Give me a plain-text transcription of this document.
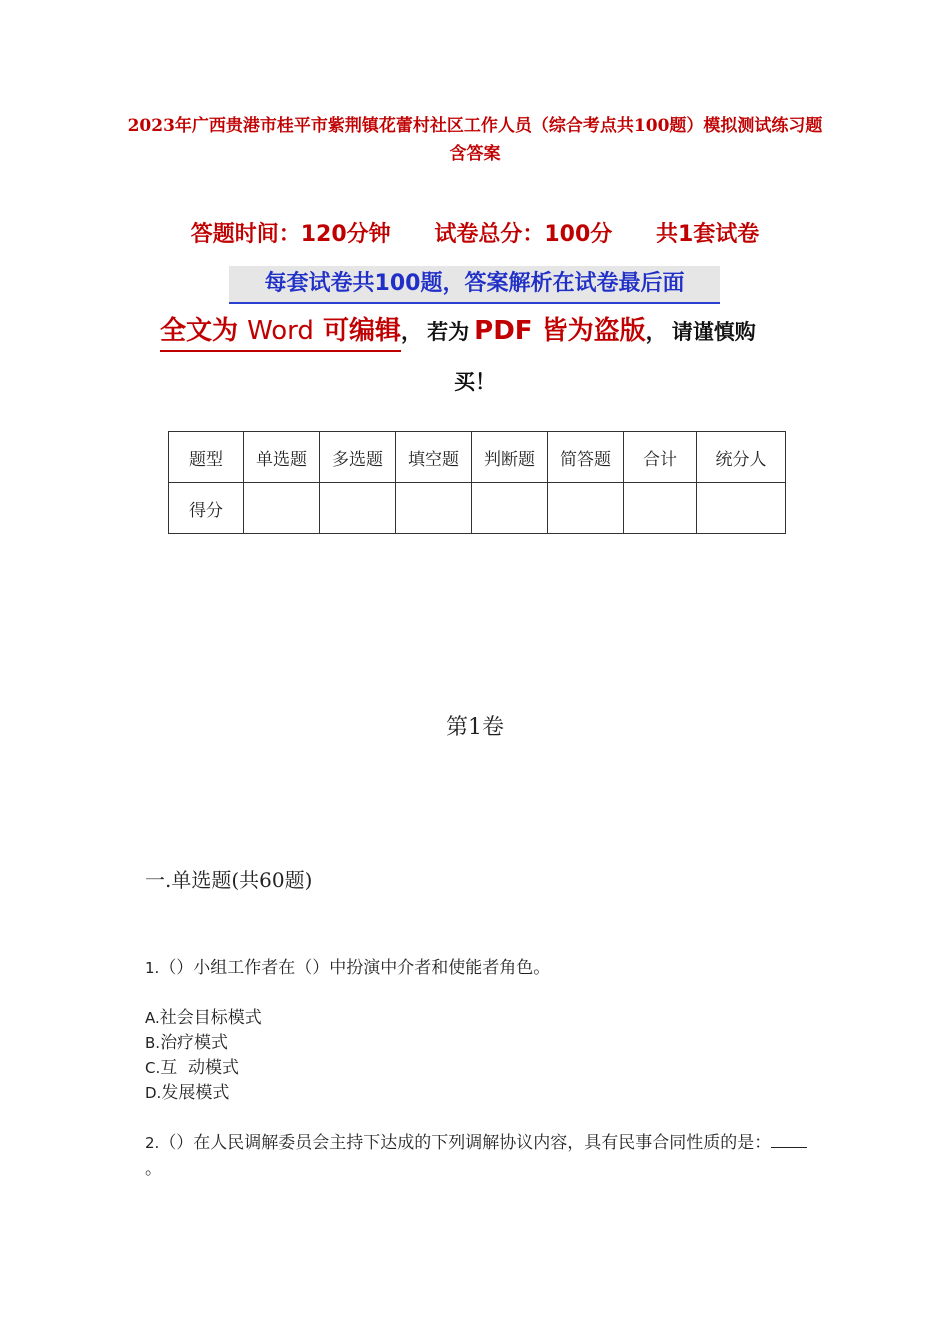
2023年广西贵港市桂平市紫荆镇花蕾村社区工作人员（综合考点共100题）模拟测试练习题含答案
答题时间：120分钟 试卷总分：100分 共1套试卷
每套试卷共100题，答案解析在试卷最后面
全文为 Word 可编辑， 若为 PDF 皆为盗版， 请谨慎购
买！
题型	单选题	多选题	填空题	判断题	简答题	合计	统分人
得分							
第1卷
一.单选题(共60题)
1.（）小组工作者在（）中扮演中介者和使能者角色。
A.社会目标模式
B.治疗模式
C.互  动模式
D.发展模式
2.（）在人民调解委员会主持下达成的下列调解协议内容，具有民事合同性质的是：。
